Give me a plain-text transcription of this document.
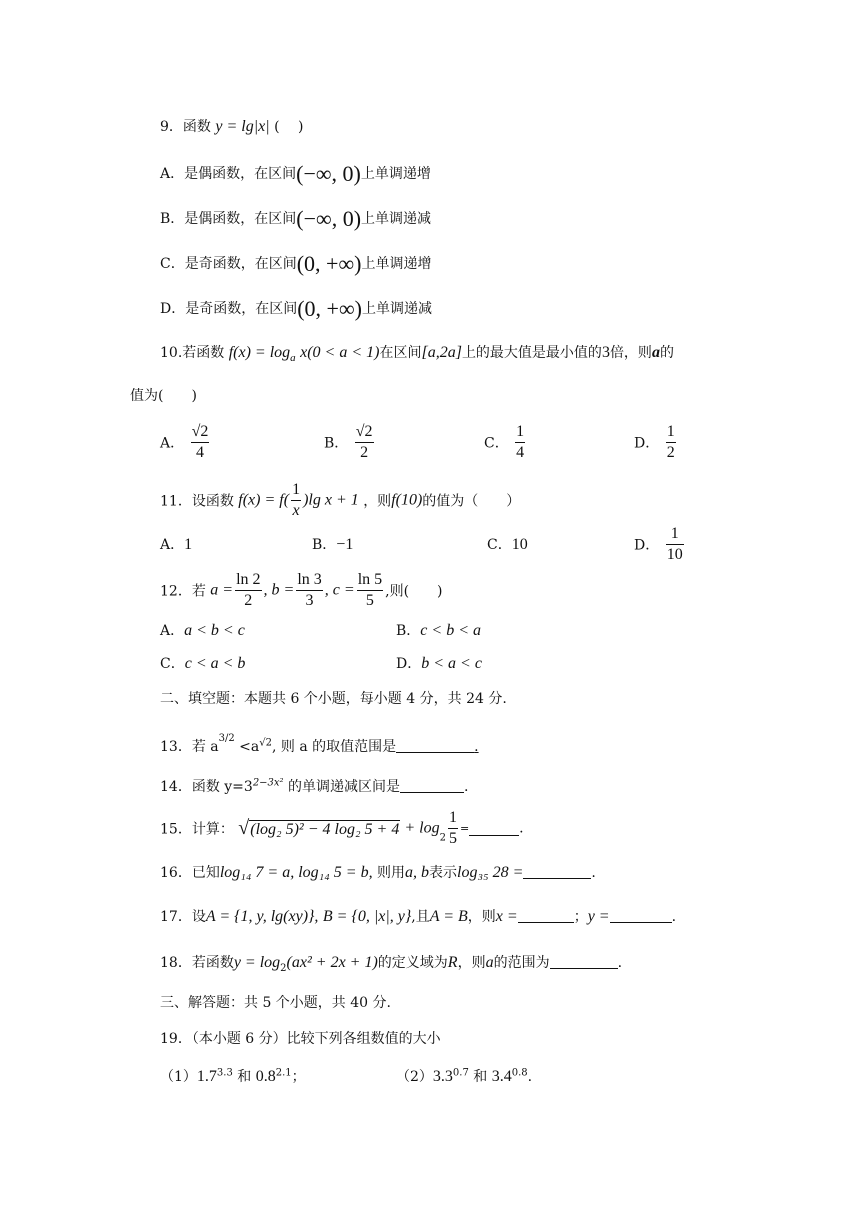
9．函数 y = lg|x| (　 )
A．是偶函数，在区间(−∞, 0)上单调递增
B．是偶函数，在区间(−∞, 0)上单调递减
C．是奇函数，在区间(0, +∞)上单调递增
D．是奇函数，在区间(0, +∞)上单调递减
10.若函数 $f(x) = \log_a x(0 < a < 1)$在区间[a,2a]上的最大值是最小值的3倍，则a的
值为(　　)
A． $\frac{√2}{4}$	B． $\frac{√2}{2}$	C． $\frac{1}{4}$	D． $\frac{1}{2}$
11．设函数 $f(x) = f( \frac{1}{x} )\lg$ x + 1 ，则f(10)的值为（　　）
A．1	B．−1	C．10	D． $\frac{1}{10}$
12．若 $a = \frac{\ln 2}{2}$ , $b = \frac{\ln 3}{3}$ , $c = \frac{\ln 5}{5}$ ,则(　　)
A．a < b < c	B．c < b < a
C．c < a < b	D．b < a < c
二、填空题：本题共 6 个小题，每小题 4 分，共 24 分.
13．若 $a^{3/2} <a^{√2}$, 则 a 的取值范围是	.
14．函数 $y=3^{2-3x^2}$ 的单调递减区间是	.
15．计算： √(log₂ 5)² − 4 log₂ $5 + 4 + \log_2 \frac{1}{5}$ =	.
16．已知log₁₄ 7 = a, log₁₄ 5 = b, 则用a, b表示log₃₅ 28 =	.
17．设A = {1, y, lg(xy)}, B = {0, |x|, y},且A = B，则x =	；y =	.
18．若函数$y = \log_2(ax^2 + 2x + 1)$的定义域为R，则a的范围为	.
三、解答题：共 5 个小题，共 40 分.
19．（本小题 6 分）比较下列各组数值的大小
$(1)1.7^{3.3}$ 和 $0.8^{2.1}$；	$(2)3.3^{0.7}$ 和 $3.4^{0.8}$.
